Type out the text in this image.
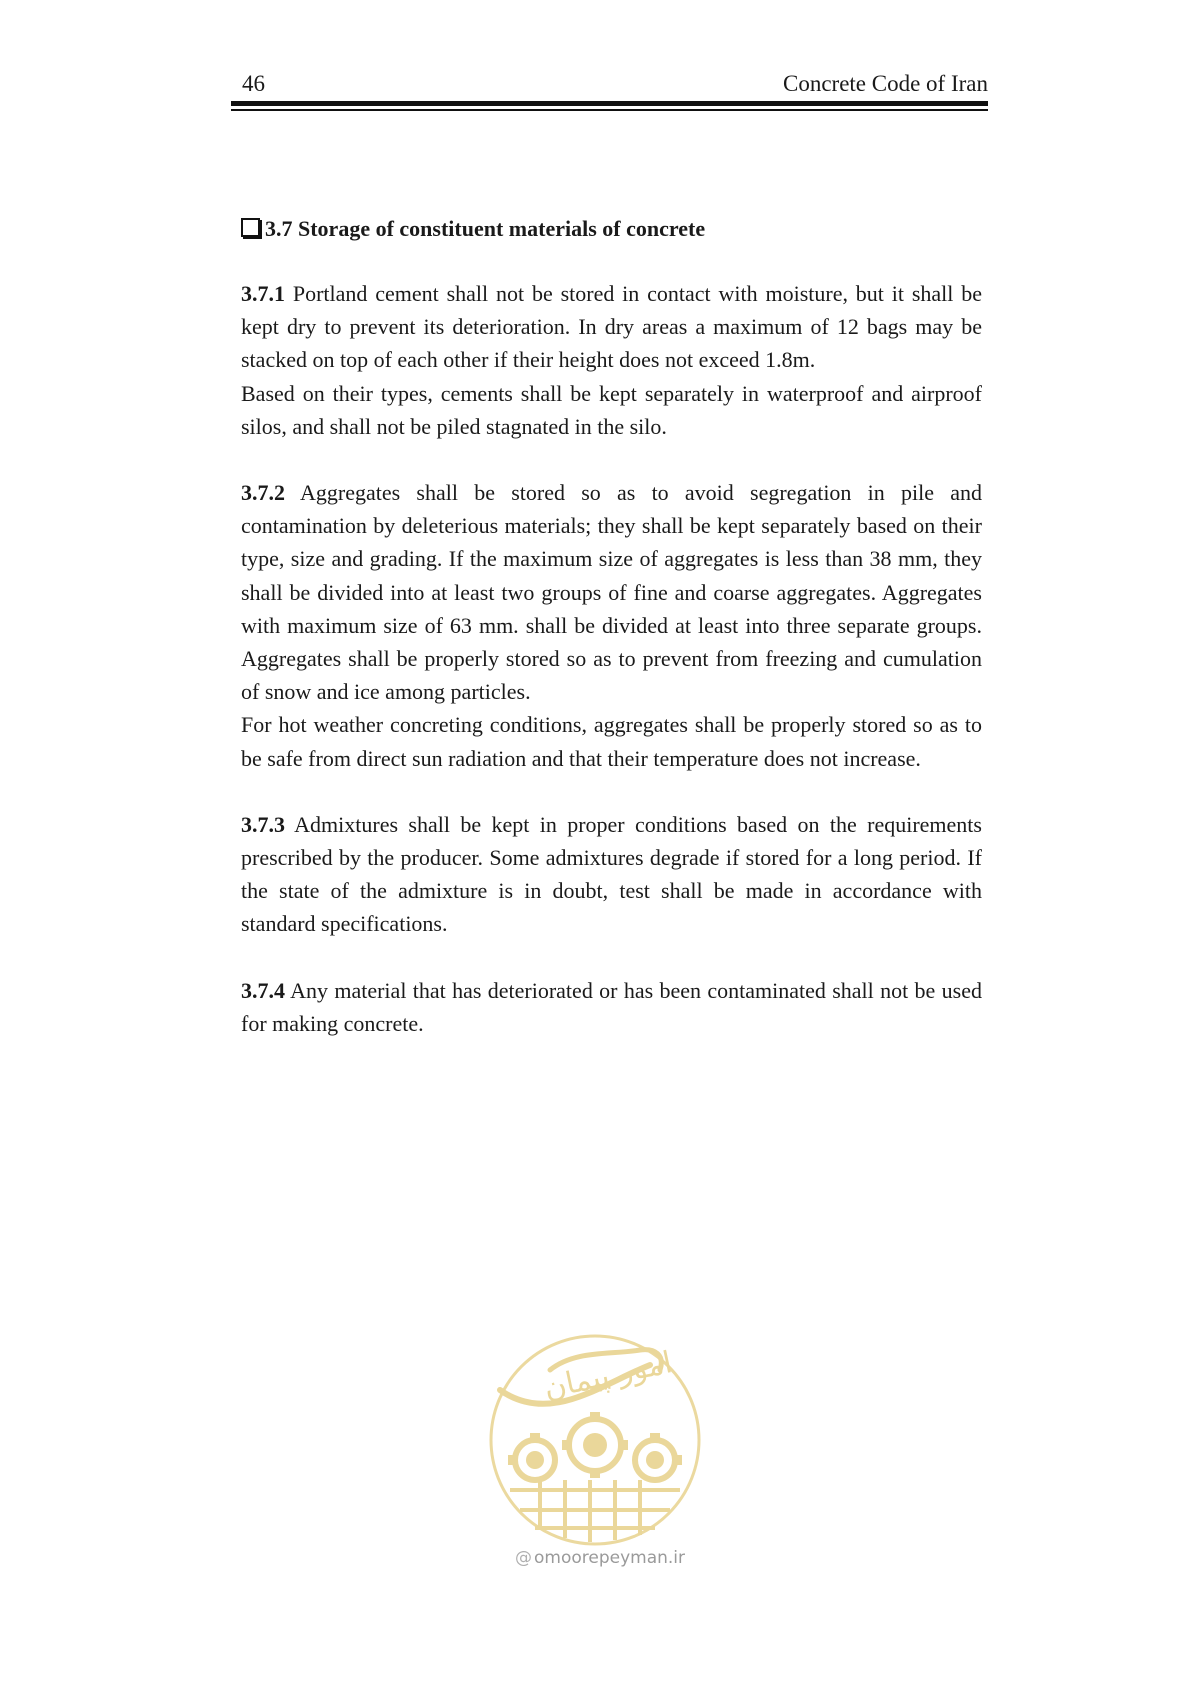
46	Concrete Code of Iran
3.7 Storage of constituent materials of concrete

3.7.1 Portland cement shall not be stored in contact with moisture, but it shall be kept dry to prevent its deterioration. In dry areas a maximum of 12 bags may be stacked on top of each other if their height does not exceed 1.8m.

Based on their types, cements shall be kept separately in waterproof and airproof silos, and shall not be piled stagnated in the silo.

3.7.2 Aggregates shall be stored so as to avoid segregation in pile and contamination by deleterious materials; they shall be kept separately based on their type, size and grading. If the maximum size of aggregates is less than 38 mm, they shall be divided into at least two groups of fine and coarse aggregates. Aggregates with maximum size of 63 mm. shall be divided at least into three separate groups. Aggregates shall be properly stored so as to prevent from freezing and cumulation of snow and ice among particles.

For hot weather concreting conditions, aggregates shall be properly stored so as to be safe from direct sun radiation and that their temperature does not increase.

3.7.3 Admixtures shall be kept in proper conditions based on the requirements prescribed by the producer. Some admixtures degrade if stored for a long period. If the state of the admixture is in doubt, test shall be made in accordance with standard specifications.

3.7.4 Any material that has deteriorated or has been contaminated shall not be used for making concrete.

امور پیمان
@ omoorepeyman.ir
